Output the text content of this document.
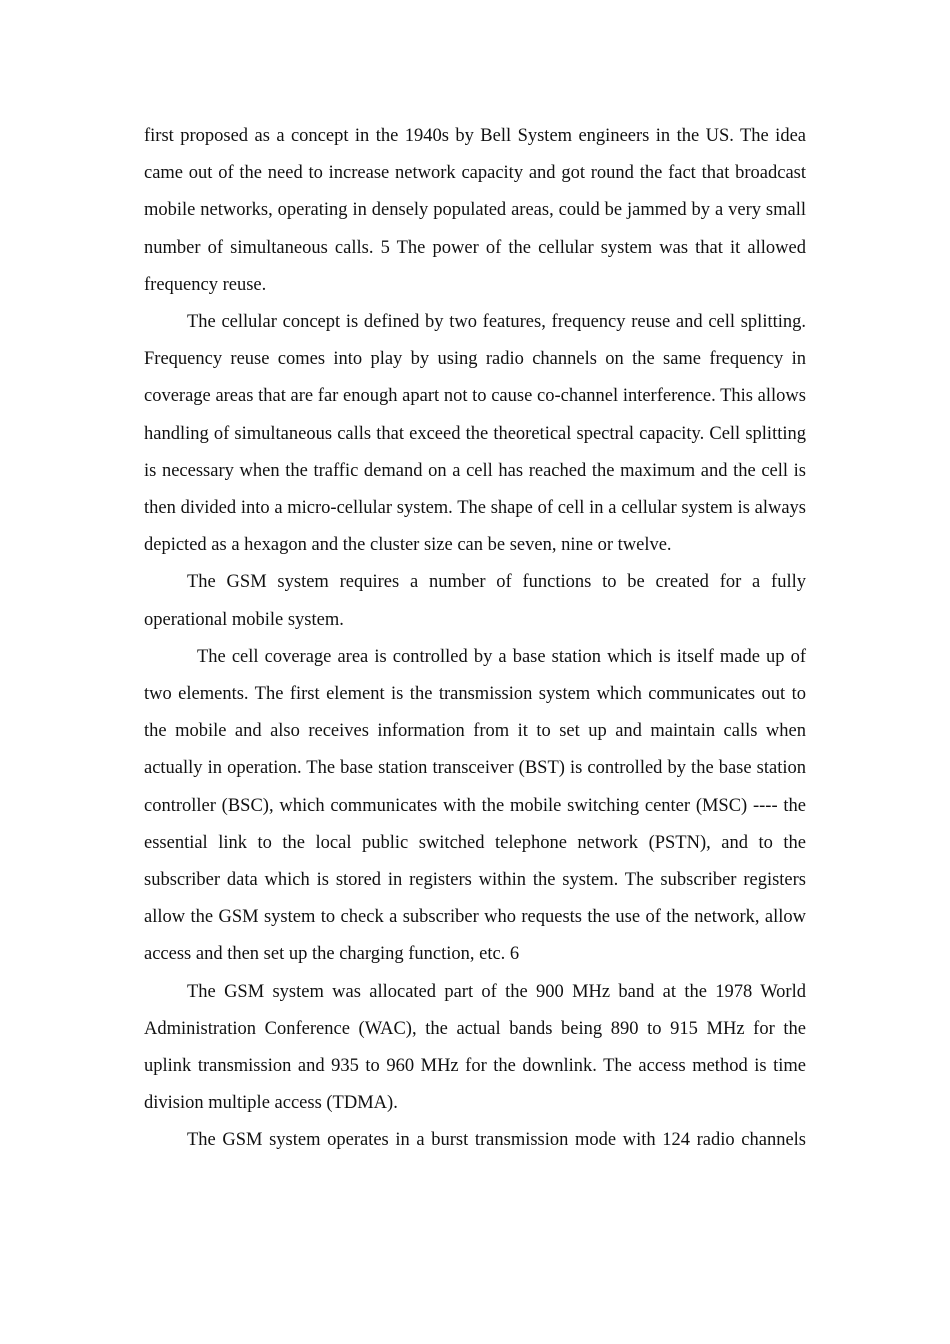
first proposed as a concept in the 1940s by Bell System engineers in the US. The idea came out of the need to increase network capacity and got round the fact that broadcast mobile networks, operating in densely populated areas, could be jammed by a very small number of simultaneous calls. 5 The power of the cellular system was that it allowed frequency reuse.

The cellular concept is defined by two features, frequency reuse and cell splitting. Frequency reuse comes into play by using radio channels on the same frequency in coverage areas that are far enough apart not to cause co-channel interference. This allows handling of simultaneous calls that exceed the theoretical spectral capacity. Cell splitting is necessary when the traffic demand on a cell has reached the maximum and the cell is then divided into a micro-cellular system. The shape of cell in a cellular system is always depicted as a hexagon and the cluster size can be seven, nine or twelve.

The GSM system requires a number of functions to be created for a fully operational mobile system.

The cell coverage area is controlled by a base station which is itself made up of two elements. The first element is the transmission system which communicates out to the mobile and also receives information from it to set up and maintain calls when actually in operation. The base station transceiver (BST) is controlled by the base station controller (BSC), which communicates with the mobile switching center (MSC) ---- the essential link to the local public switched telephone network (PSTN), and to the subscriber data which is stored in registers within the system. The subscriber registers allow the GSM system to check a subscriber who requests the use of the network, allow access and then set up the charging function, etc. 6

The GSM system was allocated part of the 900 MHz band at the 1978 World Administration Conference (WAC), the actual bands being 890 to 915 MHz for the uplink transmission and 935 to 960 MHz for the downlink. The access method is time division multiple access (TDMA).

The GSM system operates in a burst transmission mode with 124 radio channels
